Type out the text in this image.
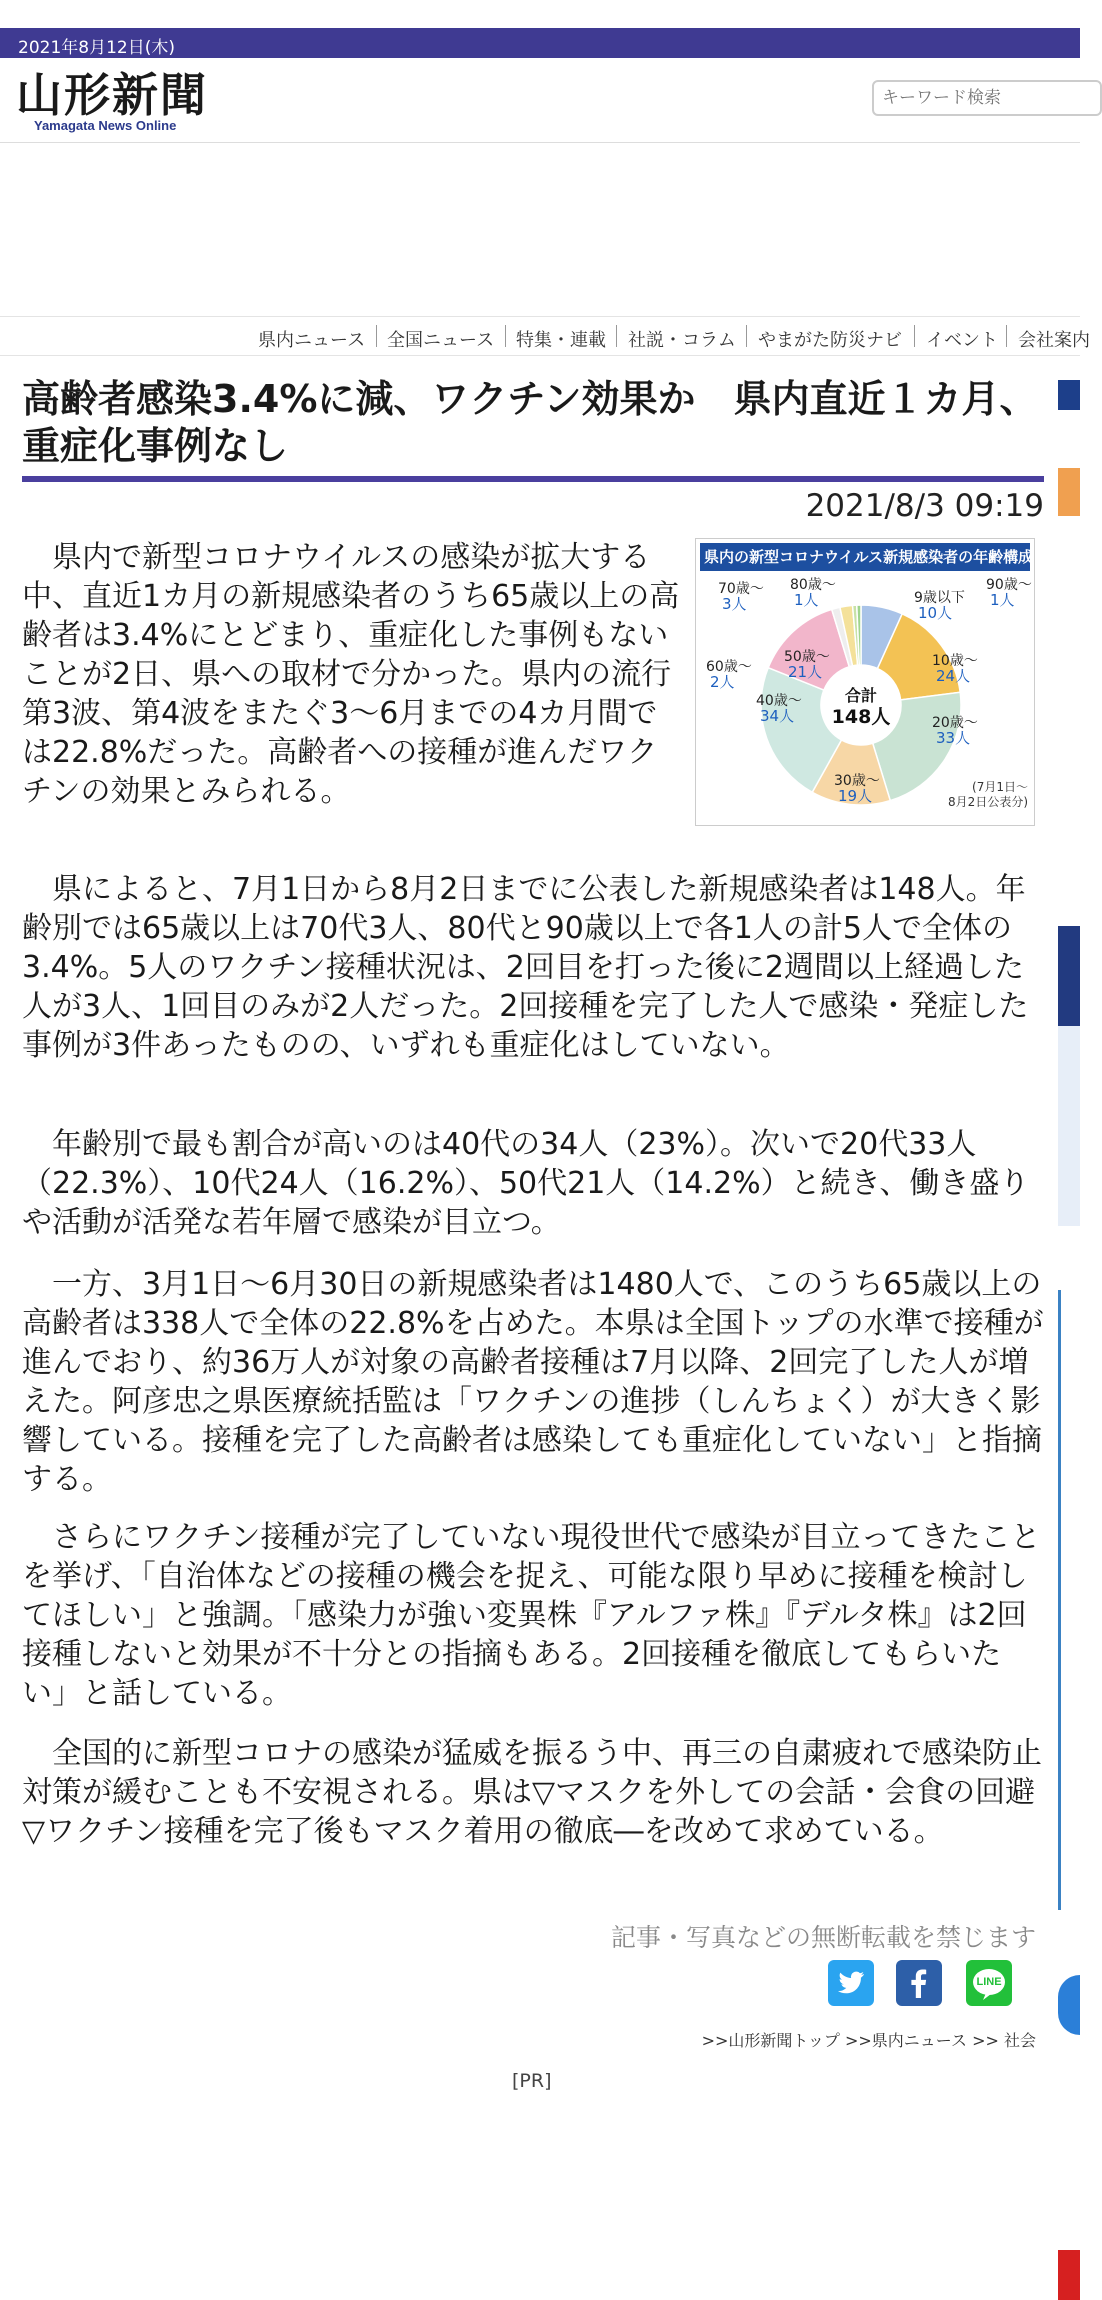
2021年8月12日(木)
山形新聞
Yamagata News Online
キーワード検索
県内ニュース 全国ニュース 特集・連載 社説・コラム やまがた防災ナビ イベント 会社案内
高齢者感染3.4%に減、ワクチン効果か　県内直近１カ月、重症化事例なし
2021/8/3 09:19
　県内で新型コロナウイルスの感染が拡大する中、直近1カ月の新規感染者のうち65歳以上の高齢者は3.4%にとどまり、重症化した事例もないことが2日、県への取材で分かった。県内の流行第3波、第4波をまたぐ3～6月までの4カ月間では22.8%だった。高齢者への接種が進んだワクチンの効果とみられる。
県内の新型コロナウイルス新規感染者の年齢構成
9歳以下
10人
10歳～
24人
20歳～
33人
30歳～
19人
40歳～
34人
50歳～
21人
60歳～
2人
70歳～
3人
80歳～
1人
90歳～
1人
合計
148人
(7月1日～
8月2日公表分)
　県によると、7月1日から8月2日までに公表した新規感染者は148人。年齢別では65歳以上は70代3人、80代と90歳以上で各1人の計5人で全体の3.4%。5人のワクチン接種状況は、2回目を打った後に2週間以上経過した人が3人、1回目のみが2人だった。2回接種を完了した人で感染・発症した事例が3件あったものの、いずれも重症化はしていない。
　年齢別で最も割合が高いのは40代の34人（23%）。次いで20代33人（22.3%）、10代24人（16.2%）、50代21人（14.2%）と続き、働き盛りや活動が活発な若年層で感染が目立つ。
　一方、3月1日～6月30日の新規感染者は1480人で、このうち65歳以上の高齢者は338人で全体の22.8%を占めた。本県は全国トップの水準で接種が進んでおり、約36万人が対象の高齢者接種は7月以降、2回完了した人が増えた。阿彦忠之県医療統括監は「ワクチンの進捗（しんちょく）が大きく影響している。接種を完了した高齢者は感染しても重症化していない」と指摘する。
　さらにワクチン接種が完了していない現役世代で感染が目立ってきたことを挙げ、「自治体などの接種の機会を捉え、可能な限り早めに接種を検討してほしい」と強調。「感染力が強い変異株『アルファ株』『デルタ株』は2回接種しないと効果が不十分との指摘もある。2回接種を徹底してもらいたい」と話している。
　全国的に新型コロナの感染が猛威を振るう中、再三の自粛疲れで感染防止対策が緩むことも不安視される。県は▽マスクを外しての会話・会食の回避▽ワクチン接種を完了後もマスク着用の徹底―を改めて求めている。
記事・写真などの無断転載を禁じます
LINE
>>山形新聞トップ >>県内ニュース >> 社会
[PR]
